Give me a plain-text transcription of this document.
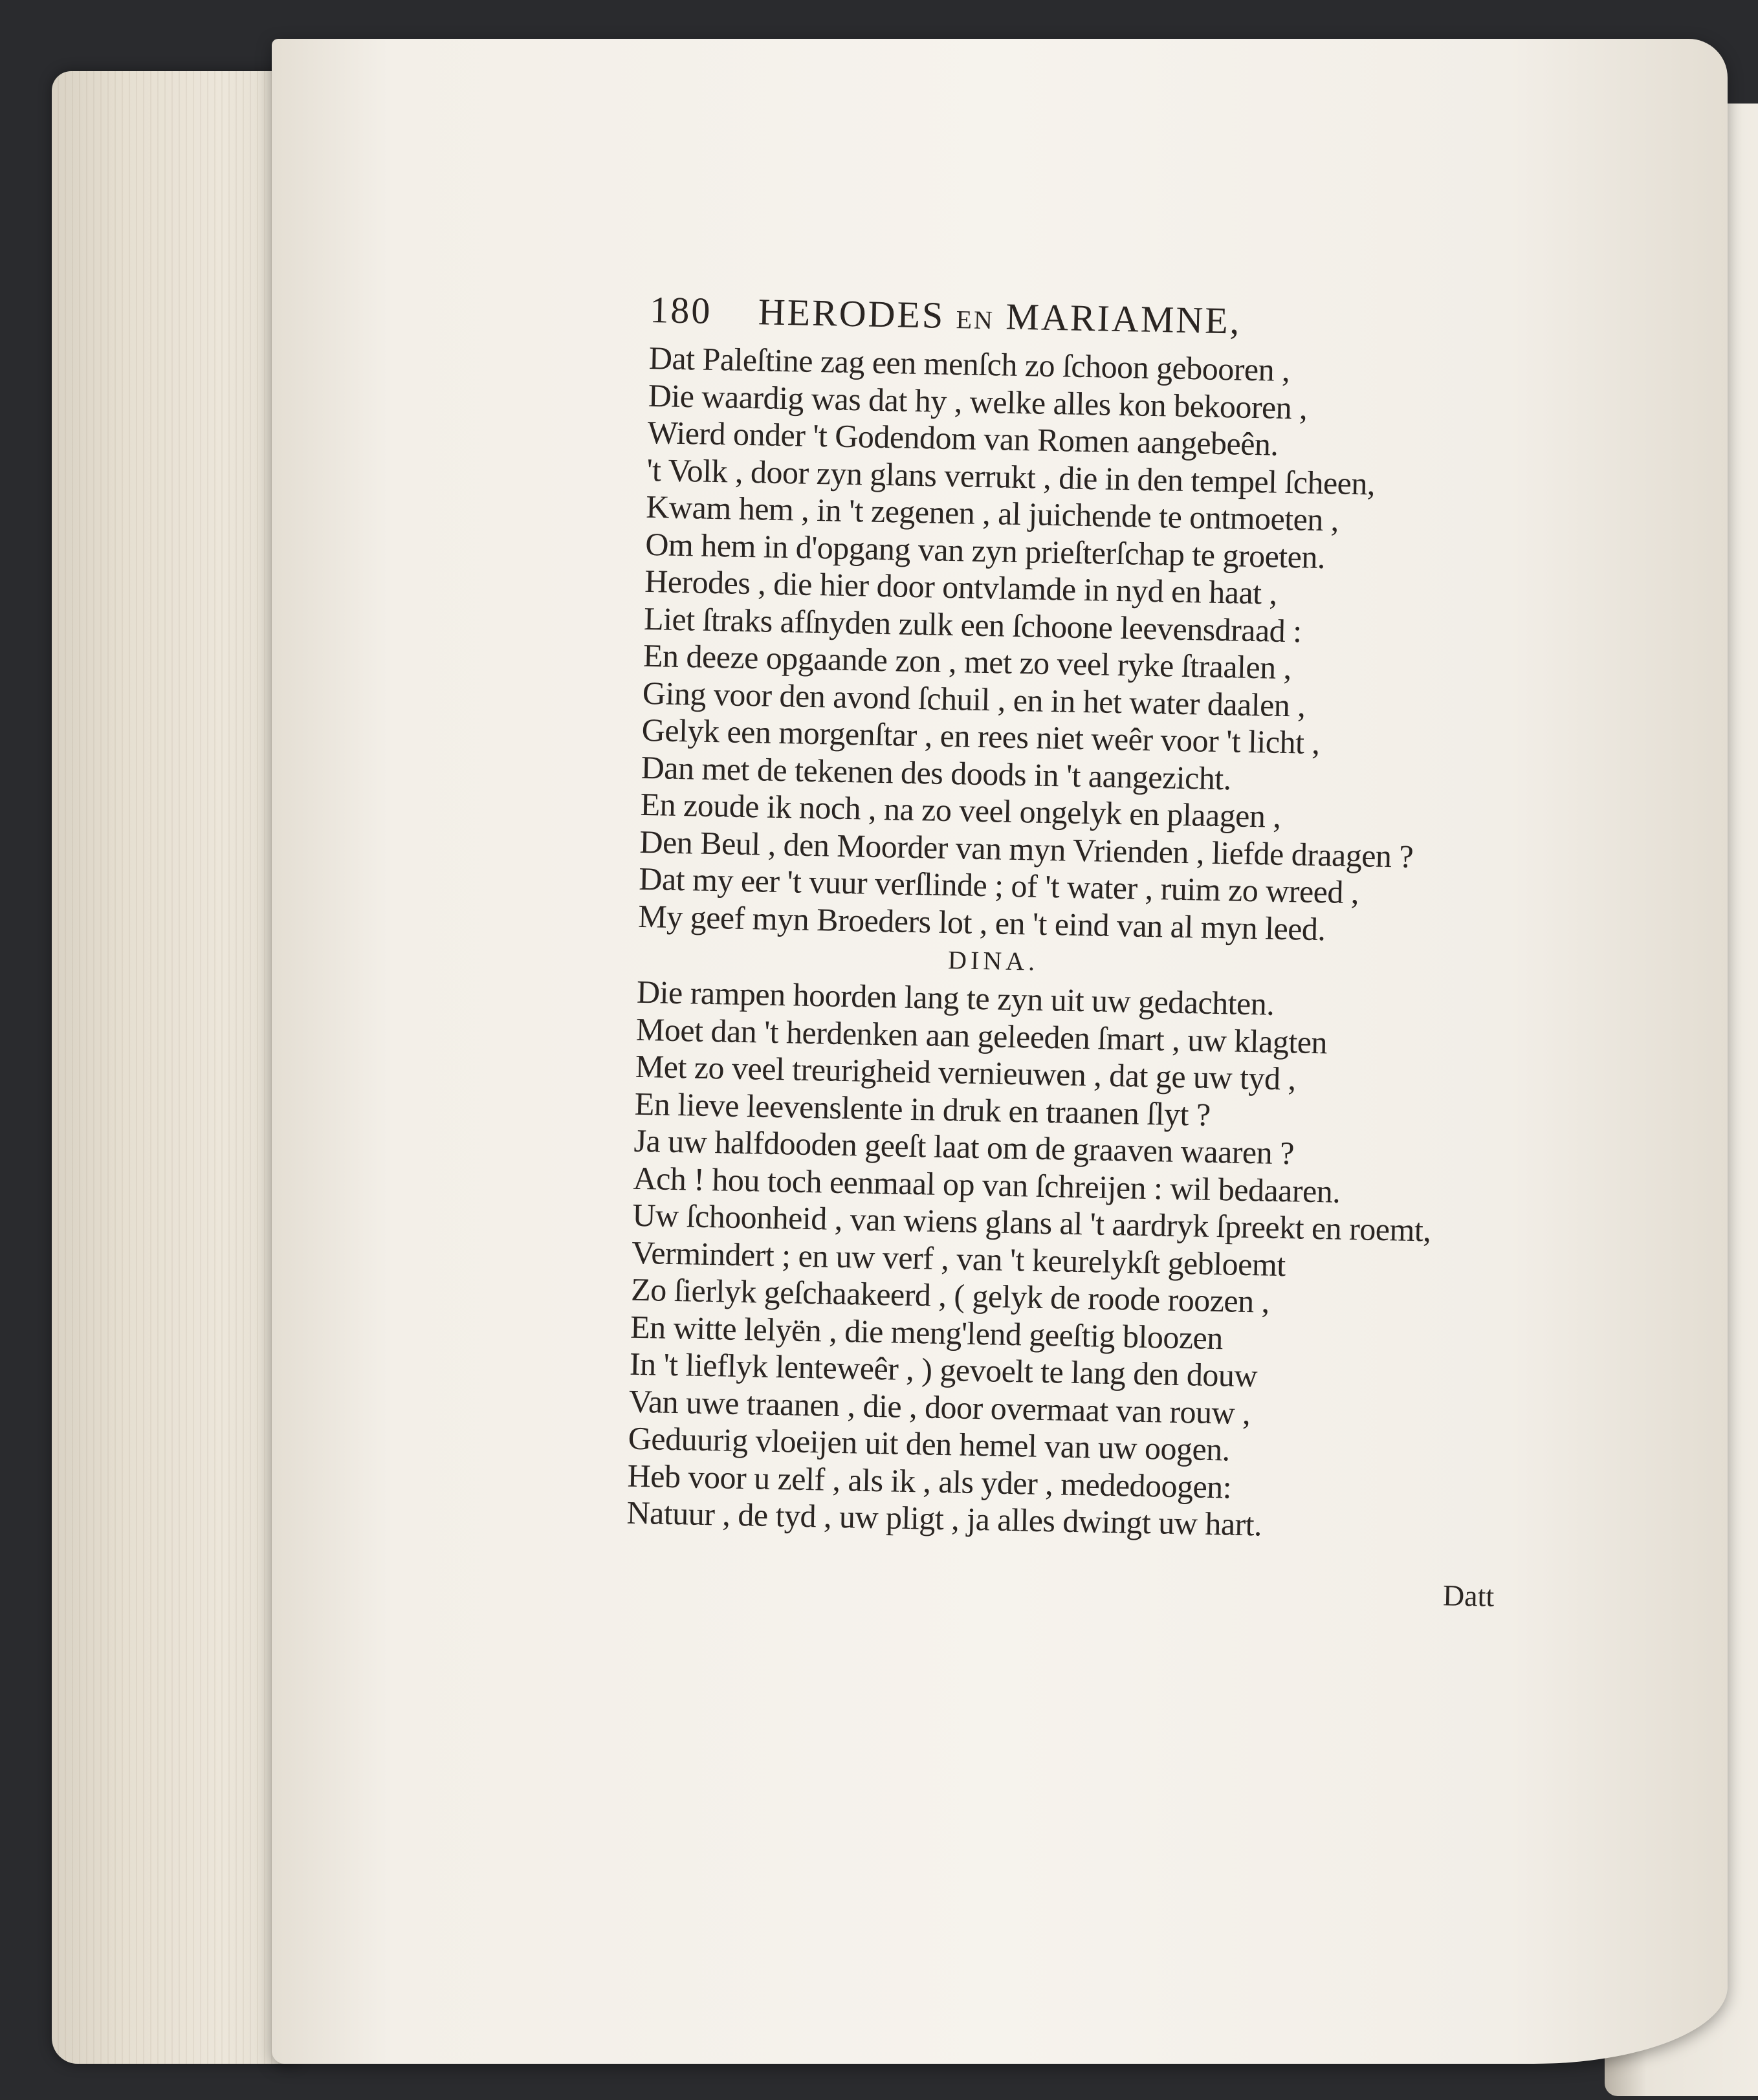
180 HERODES EN MARIAMNE,
Dat Paleſtine zag een menſch zo ſchoon gebooren ,
Die waardig was dat hy , welke alles kon bekooren ,
Wierd onder 't Godendom van Romen aangebeên.
't Volk , door zyn glans verrukt , die in den tempel ſcheen,
Kwam hem , in 't zegenen , al juichende te ontmoeten ,
Om hem in d'opgang van zyn prieſterſchap te groeten.
Herodes , die hier door ontvlamde in nyd en haat ,
Liet ſtraks afſnyden zulk een ſchoone leevensdraad :
En deeze opgaande zon , met zo veel ryke ſtraalen ,
Ging voor den avond ſchuil , en in het water daalen ,
Gelyk een morgenſtar , en rees niet weêr voor 't licht ,
Dan met de tekenen des doods in 't aangezicht.
En zoude ik noch , na zo veel ongelyk en plaagen ,
Den Beul , den Moorder van myn Vrienden , liefde draagen ?
Dat my eer 't vuur verſlinde ; of 't water , ruim zo wreed ,
My geef myn Broeders lot , en 't eind van al myn leed.
DINA.
Die rampen hoorden lang te zyn uit uw gedachten.
Moet dan 't herdenken aan geleeden ſmart , uw klagten
Met zo veel treurigheid vernieuwen , dat ge uw tyd ,
En lieve leevenslente in druk en traanen ſlyt ?
Ja uw halfdooden geeſt laat om de graaven waaren ?
Ach ! hou toch eenmaal op van ſchreijen : wil bedaaren.
Uw ſchoonheid , van wiens glans al 't aardryk ſpreekt en roemt,
Vermindert ; en uw verf , van 't keurelykſt gebloemt
Zo ſierlyk geſchaakeerd , ( gelyk de roode roozen ,
En witte lelyën , die meng'lend geeſtig bloozen
In 't lieflyk lenteweêr , ) gevoelt te lang den douw
Van uwe traanen , die , door overmaat van rouw ,
Geduurig vloeijen uit den hemel van uw oogen.
Heb voor u zelf , als ik , als yder , mededoogen:
Natuur , de tyd , uw pligt , ja alles dwingt uw hart.
Datt
